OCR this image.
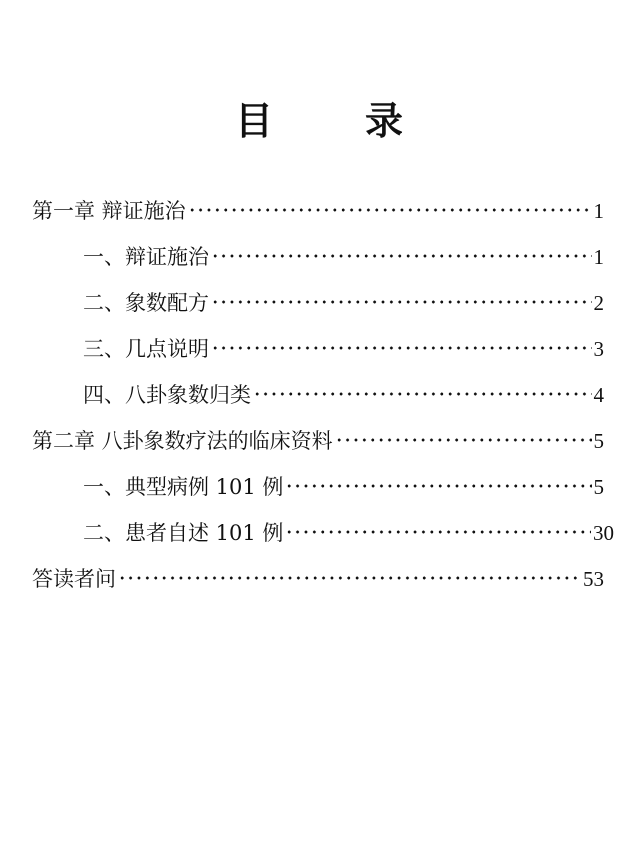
目 录
第一章 辩证施治	1
一、辩证施治	1
二、象数配方	2
三、几点说明	3
四、八卦象数归类	4
第二章 八卦象数疗法的临床资料	5
一、典型病例 101 例	5
二、患者自述 101 例	30
答读者问	53
